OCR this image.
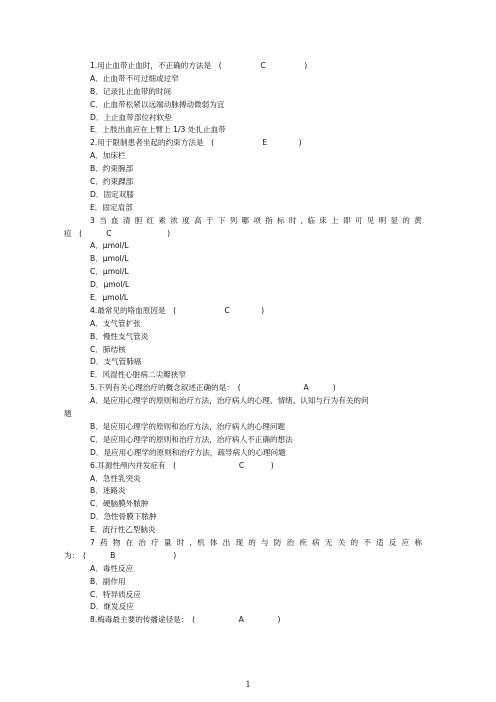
1.用止血带止血时，不正确的方法是　(                C                )
A．止血带不可过细或过窄
B．记录扎止血带的时间
C．止血带松紧以远端动脉搏动微弱为宜
D．上止血带部位衬软垫
E．上肢出血应在上臂上 1/3 处扎止血带
2.用于限制患者坐起的约束方法是　(                    E             )
A．加床栏
B．约束腕部
C．约束踝部
D．固定双膝
E．固定肩部
3 当 血 清 胆 红 素 浓 度 高 于 下 列 哪 项 指 标 时 , 临 床 上 即 可 见 明 显 的 黄
疸　(          C                       )
A．μmol/L
B．μmol/L
C．μmol/L
D．μmol/L
E．μmol/L
4.最常见的咯血原因是　(                    C             )
A．支气管扩张
B．慢性支气管炎
C．肺结核
D．支气管肺癌
E．风湿性心脏病二尖瓣狭窄
5.下列有关心理治疗的概念叙述正确的是：　(                          A          )
A．是应用心理学的原则和治疗方法，治疗病人的心理、情绪、认知与行为有关的问
题
B．是应用心理学的原则和治疗方法，治疗病人的心理问题
C．是应用心理学的原则和治疗方法，治疗病人不正确的想法
D．是应用心理学的原则和治疗方法，疏导病人的心理问题
6.耳源性颅内并发症有　(                          C           )
A．急性乳突炎
B．迷路炎
C．硬脑膜外脓肿
D．急性骨膜下脓肿
E．流行性乙型脑炎
7 药 物 在 治 疗 量 时 , 机 体 出 现 的 与 防 治 疾 病 无 关 的 不 适 反 应 称
为：　(          B                        )
A．毒性反应
B．副作用
C．特异质反应
D．继发反应
8.梅毒最主要的传播途径是：　(                  A              )
1
